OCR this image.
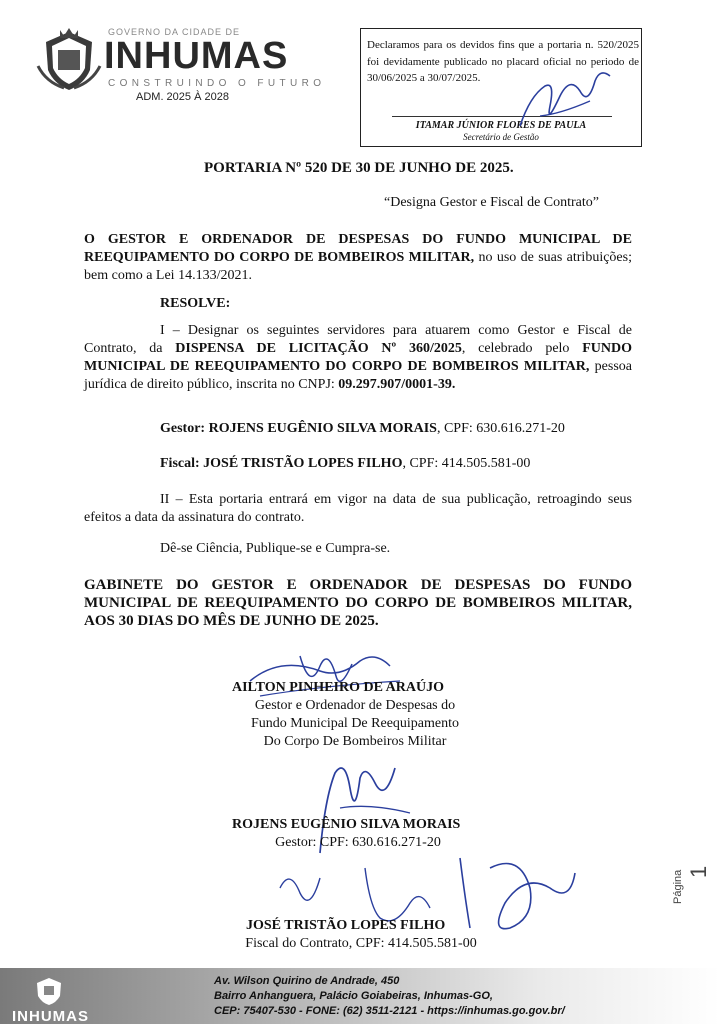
GOVERNO DA CIDADE DE
INHUMAS
CONSTRUINDO O FUTURO
ADM. 2025 À 2028
Declaramos para os devidos fins que a portaria n. 520/2025 foi devidamente publicado no placard oficial no periodo de 30/06/2025 a 30/07/2025.
ITAMAR JÚNIOR FLORES DE PAULA
Secretário de Gestão
PORTARIA Nº 520 DE 30 DE JUNHO DE 2025.
“Designa Gestor e Fiscal de Contrato”
O GESTOR E ORDENADOR DE DESPESAS DO FUNDO MUNICIPAL DE REEQUIPAMENTO DO CORPO DE BOMBEIROS MILITAR, no uso de suas atribuições; bem como a Lei 14.133/2021.
RESOLVE:
I – Designar os seguintes servidores para atuarem como Gestor e Fiscal de Contrato, da DISPENSA DE LICITAÇÃO Nº 360/2025, celebrado pelo FUNDO MUNICIPAL DE REEQUIPAMENTO DO CORPO DE BOMBEIROS MILITAR, pessoa jurídica de direito público, inscrita no CNPJ: 09.297.907/0001-39.
Gestor: ROJENS EUGÊNIO SILVA MORAIS, CPF: 630.616.271-20
Fiscal: JOSÉ TRISTÃO LOPES FILHO, CPF: 414.505.581-00
II – Esta portaria entrará em vigor na data de sua publicação, retroagindo seus efeitos a data da assinatura do contrato.
Dê-se Ciência, Publique-se e Cumpra-se.
GABINETE DO GESTOR E ORDENADOR DE DESPESAS DO FUNDO MUNICIPAL DE REEQUIPAMENTO DO CORPO DE BOMBEIROS MILITAR, AOS 30 DIAS DO MÊS DE JUNHO DE 2025.
AILTON PINHEIRO DE ARAÚJO
Gestor e Ordenador de Despesas do
Fundo Municipal De Reequipamento
Do Corpo De Bombeiros Militar
ROJENS EUGÊNIO SILVA MORAIS
Gestor: CPF: 630.616.271-20
JOSÉ TRISTÃO LOPES FILHO
Fiscal do Contrato, CPF: 414.505.581-00
Página 1
INHUMAS
Av. Wilson Quirino de Andrade, 450
Bairro Anhanguera, Palácio Goiabeiras, Inhumas-GO,
CEP: 75407-530 - FONE: (62) 3511-2121 - https://inhumas.go.gov.br/
